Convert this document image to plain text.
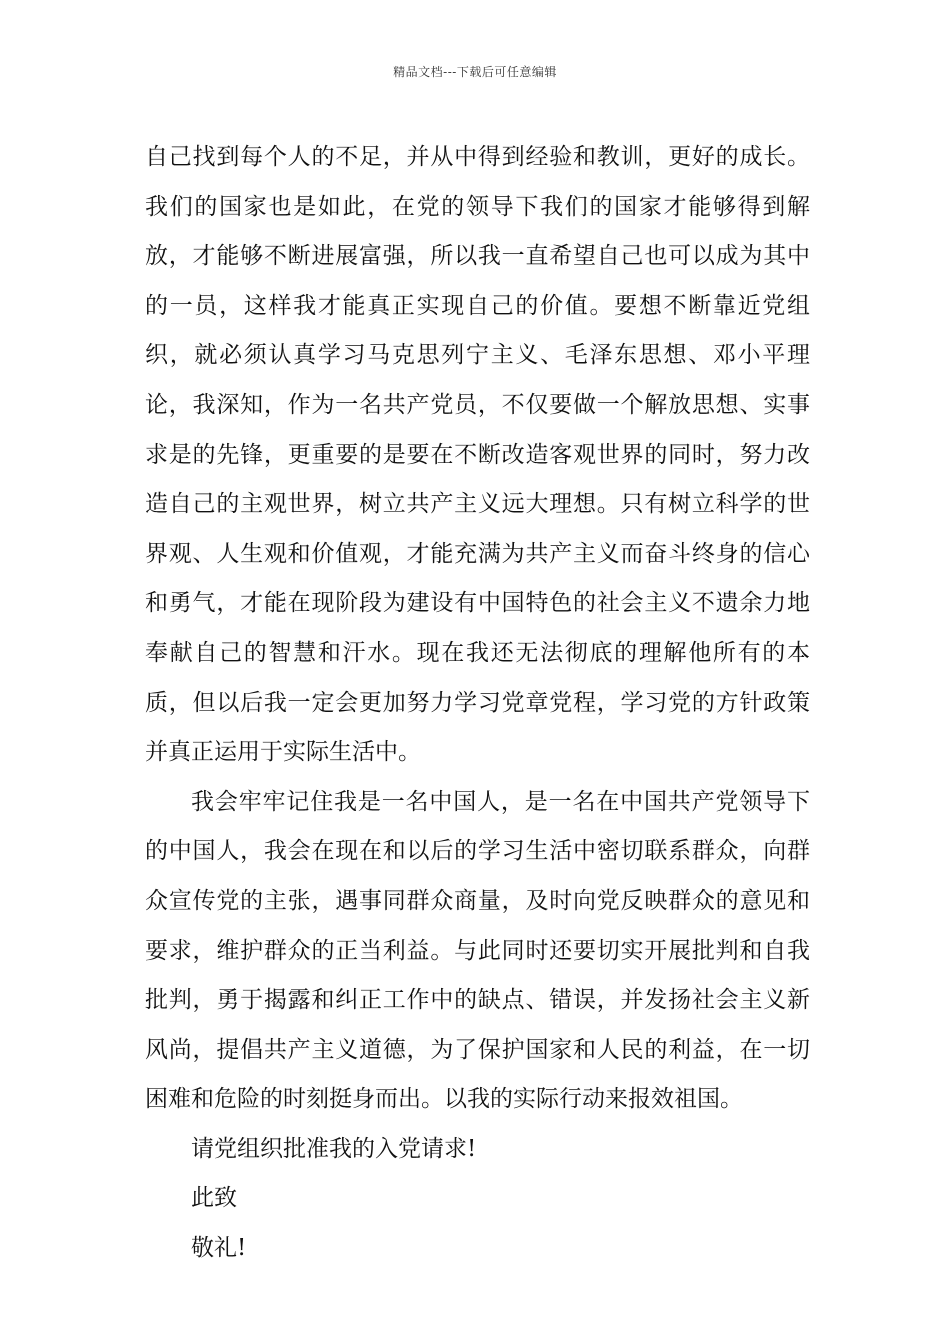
精品文档---下载后可任意编辑

自己找到每个人的不足，并从中得到经验和教训，更好的成长。我们的国家也是如此，在党的领导下我们的国家才能够得到解放，才能够不断进展富强，所以我一直希望自己也可以成为其中的一员，这样我才能真正实现自己的价值。要想不断靠近党组织，就必须认真学习马克思列宁主义、毛泽东思想、邓小平理论，我深知，作为一名共产党员，不仅要做一个解放思想、实事求是的先锋，更重要的是要在不断改造客观世界的同时，努力改造自己的主观世界，树立共产主义远大理想。只有树立科学的世界观、人生观和价值观，才能充满为共产主义而奋斗终身的信心和勇气，才能在现阶段为建设有中国特色的社会主义不遗余力地奉献自己的智慧和汗水。现在我还无法彻底的理解他所有的本质，但以后我一定会更加努力学习党章党程，学习党的方针政策并真正运用于实际生活中。

我会牢牢记住我是一名中国人，是一名在中国共产党领导下的中国人，我会在现在和以后的学习生活中密切联系群众，向群众宣传党的主张，遇事同群众商量，及时向党反映群众的意见和要求，维护群众的正当利益。与此同时还要切实开展批判和自我批判，勇于揭露和纠正工作中的缺点、错误，并发扬社会主义新风尚，提倡共产主义道德，为了保护国家和人民的利益，在一切困难和危险的时刻挺身而出。以我的实际行动来报效祖国。

请党组织批准我的入党请求!

此致

敬礼!
